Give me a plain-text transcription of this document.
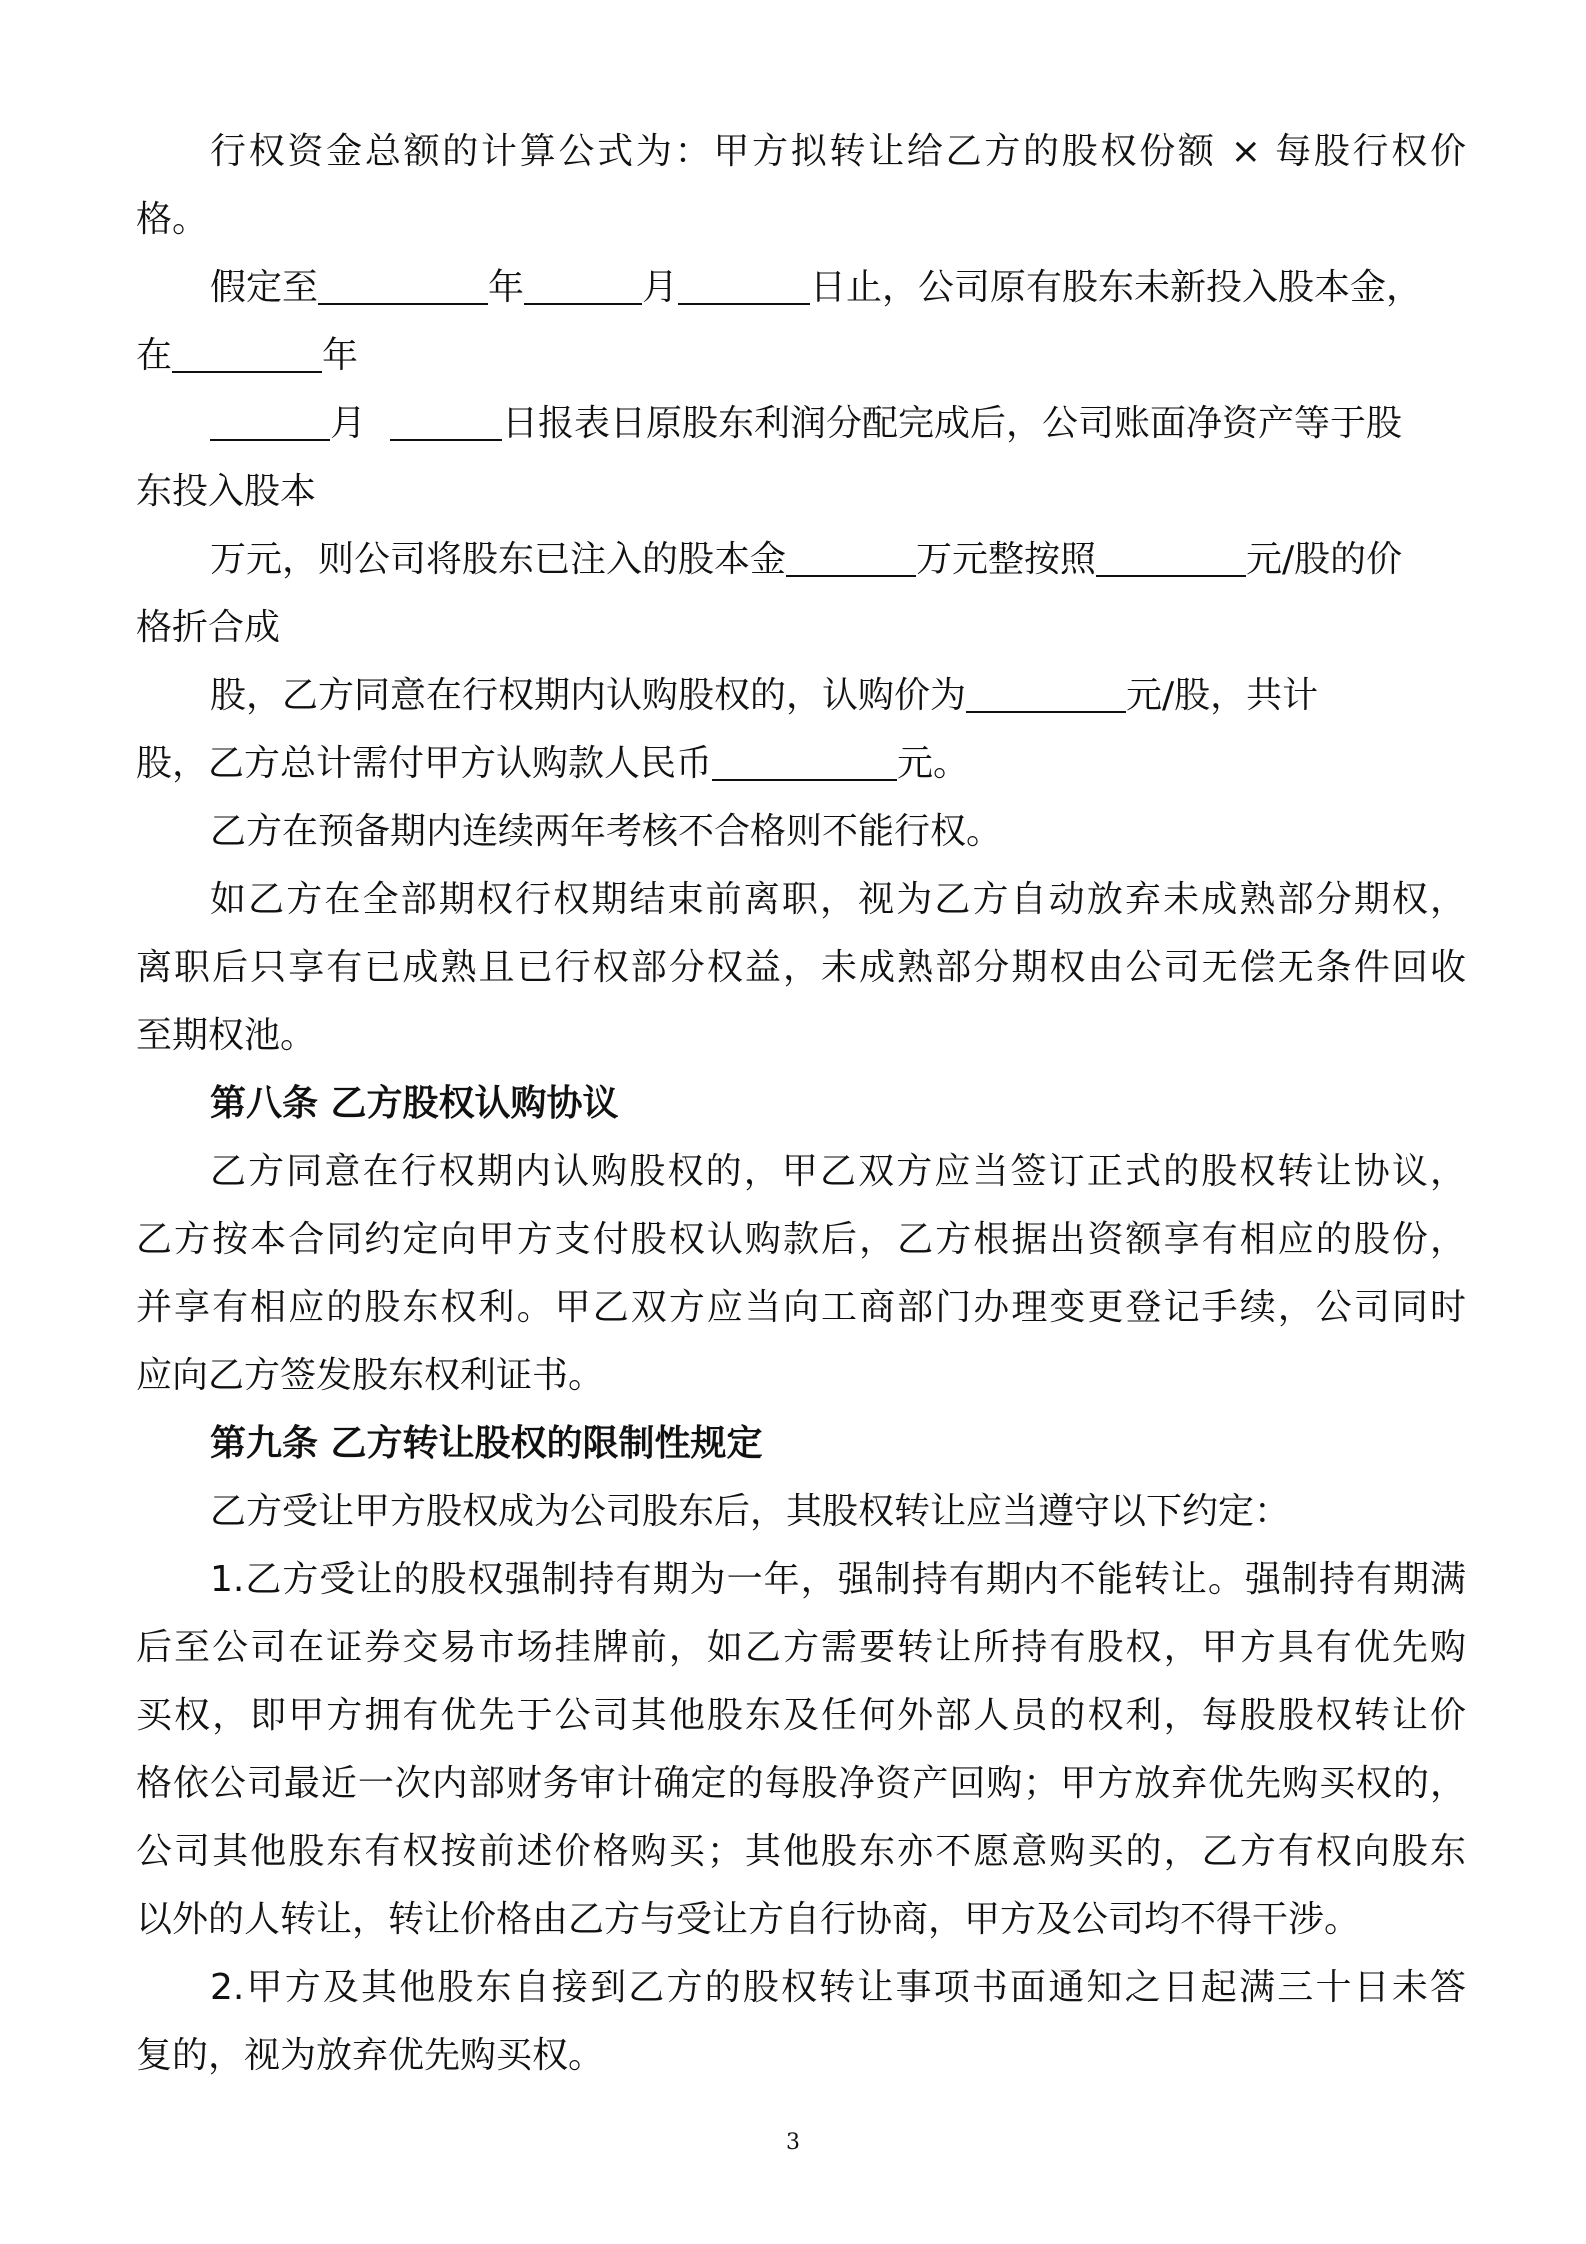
行权资金总额的计算公式为：甲方拟转让给乙方的股权份额 × 每股行权价
格。
假定至	年	月	日止，公司原有股东未新投入股本金，
在	年
月	日报表日原股东利润分配完成后，公司账面净资产等于股
东投入股本
万元，则公司将股东已注入的股本金	万元整按照	元/股的价
格折合成
股，乙方同意在行权期内认购股权的，认购价为	元/股，共计
股，乙方总计需付甲方认购款人民币	元。
乙方在预备期内连续两年考核不合格则不能行权。
如乙方在全部期权行权期结束前离职，视为乙方自动放弃未成熟部分期权，
离职后只享有已成熟且已行权部分权益，未成熟部分期权由公司无偿无条件回收
至期权池。
第八条 乙方股权认购协议
乙方同意在行权期内认购股权的，甲乙双方应当签订正式的股权转让协议，
乙方按本合同约定向甲方支付股权认购款后，乙方根据出资额享有相应的股份，
并享有相应的股东权利。甲乙双方应当向工商部门办理变更登记手续，公司同时
应向乙方签发股东权利证书。
第九条 乙方转让股权的限制性规定
乙方受让甲方股权成为公司股东后，其股权转让应当遵守以下约定：
1.乙方受让的股权强制持有期为一年，强制持有期内不能转让。强制持有期满
后至公司在证券交易市场挂牌前，如乙方需要转让所持有股权，甲方具有优先购
买权，即甲方拥有优先于公司其他股东及任何外部人员的权利，每股股权转让价
格依公司最近一次内部财务审计确定的每股净资产回购；甲方放弃优先购买权的，
公司其他股东有权按前述价格购买；其他股东亦不愿意购买的，乙方有权向股东
以外的人转让，转让价格由乙方与受让方自行协商，甲方及公司均不得干涉。
2.甲方及其他股东自接到乙方的股权转让事项书面通知之日起满三十日未答
复的，视为放弃优先购买权。
3
